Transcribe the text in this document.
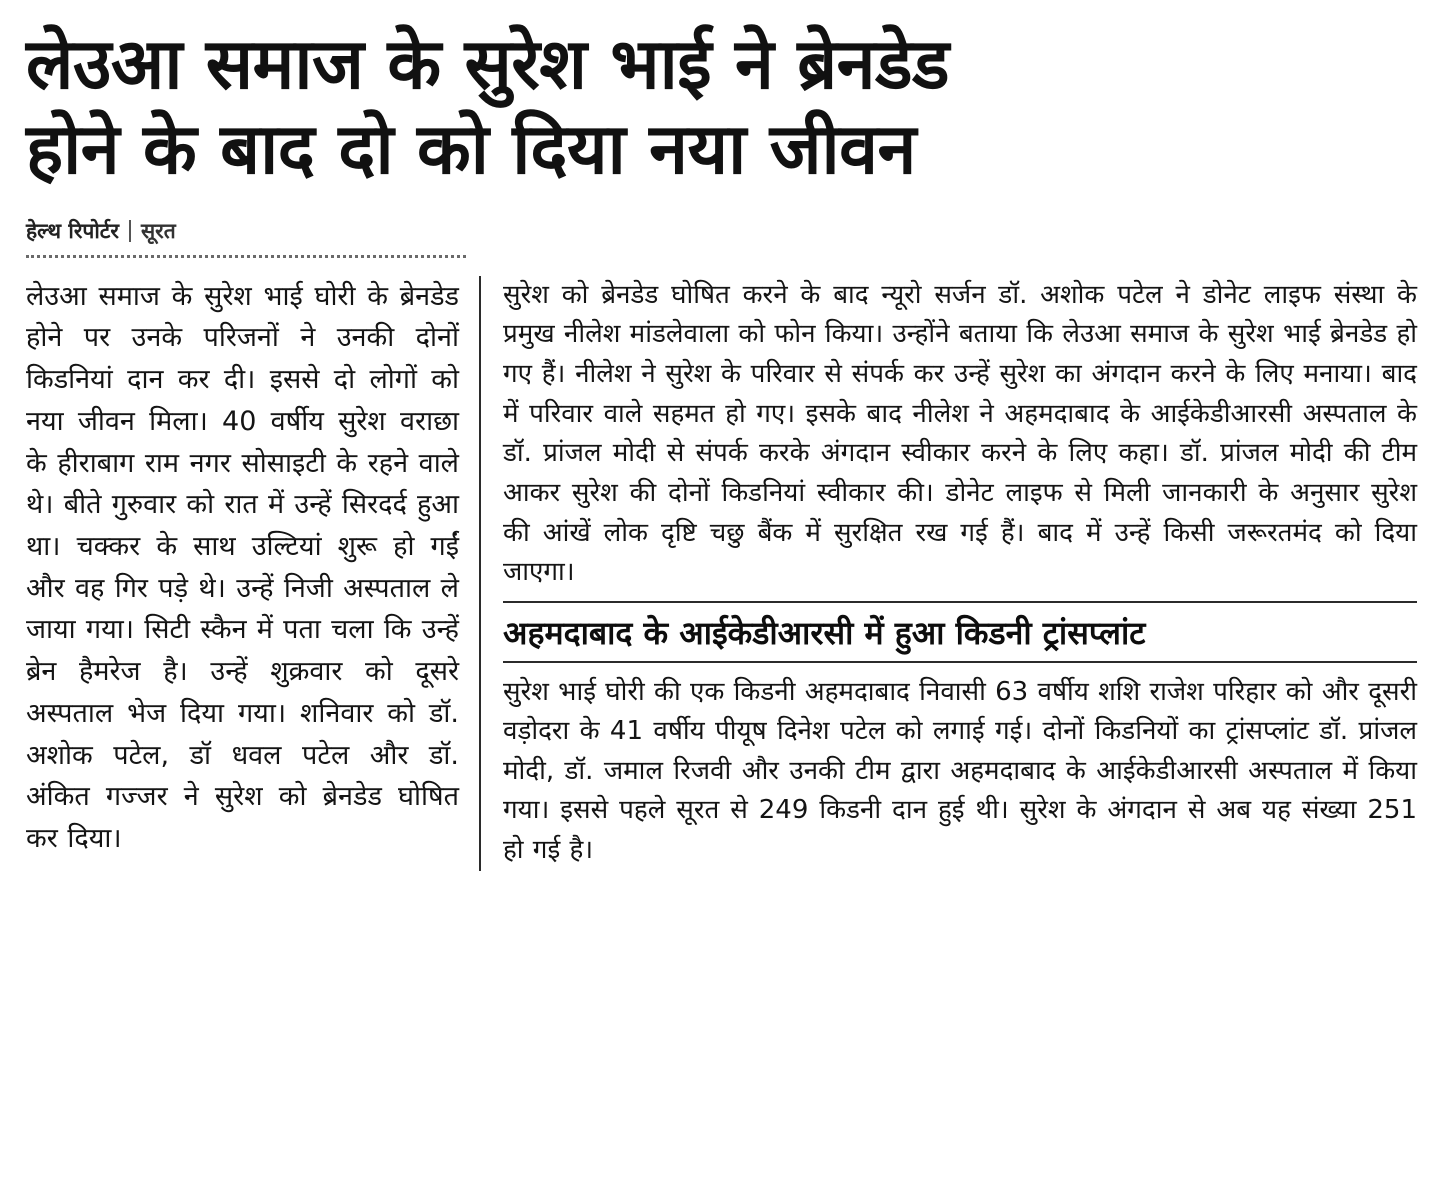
लेउआ समाज के सुरेश भाई ने ब्रेनडेड
होने के बाद दो को दिया नया जीवन
हेल्थ रिपोर्टर	सूरत

लेउआ समाज के सुरेश भाई घोरी के ब्रेनडेड होने पर उनके परिजनों ने उनकी दोनों किडनियां दान कर दी। इससे दो लोगों को नया जीवन मिला। 40 वर्षीय सुरेश वराछा के हीराबाग राम नगर सोसाइटी के रहने वाले थे। बीते गुरुवार को रात में उन्हें सिरदर्द हुआ था। चक्कर के साथ उल्टियां शुरू हो गईं और वह गिर पड़े थे। उन्हें निजी अस्पताल ले जाया गया। सिटी स्कैन में पता चला कि उन्हें ब्रेन हैमरेज है। उन्हें शुक्रवार को दूसरे अस्पताल भेज दिया गया। शनिवार को डॉ. अशोक पटेल, डॉ धवल पटेल और डॉ. अंकित गज्जर ने सुरेश को ब्रेनडेड घोषित कर दिया।

सुरेश को ब्रेनडेड घोषित करने के बाद न्यूरो सर्जन डॉ. अशोक पटेल ने डोनेट लाइफ संस्था के प्रमुख नीलेश मांडलेवाला को फोन किया। उन्होंने बताया कि लेउआ समाज के सुरेश भाई ब्रेनडेड हो गए हैं। नीलेश ने सुरेश के परिवार से संपर्क कर उन्हें सुरेश का अंगदान करने के लिए मनाया। बाद में परिवार वाले सहमत हो गए। इसके बाद नीलेश ने अहमदाबाद के आईकेडीआरसी अस्पताल के डॉ. प्रांजल मोदी से संपर्क करके अंगदान स्वीकार करने के लिए कहा। डॉ. प्रांजल मोदी की टीम आकर सुरेश की दोनों किडनियां स्वीकार की। डोनेट लाइफ से मिली जानकारी के अनुसार सुरेश की आंखें लोक दृष्टि चछु बैंक में सुरक्षित रख गई हैं। बाद में उन्हें किसी जरूरतमंद को दिया जाएगा।

अहमदाबाद के आईकेडीआरसी में हुआ किडनी ट्रांसप्लांट

सुरेश भाई घोरी की एक किडनी अहमदाबाद निवासी 63 वर्षीय शशि राजेश परिहार को और दूसरी वड़ोदरा के 41 वर्षीय पीयूष दिनेश पटेल को लगाई गई। दोनों किडनियों का ट्रांसप्लांट डॉ. प्रांजल मोदी, डॉ. जमाल रिजवी और उनकी टीम द्वारा अहमदाबाद के आईकेडीआरसी अस्पताल में किया गया। इससे पहले सूरत से 249 किडनी दान हुई थी। सुरेश के अंगदान से अब यह संख्या 251 हो गई है।
